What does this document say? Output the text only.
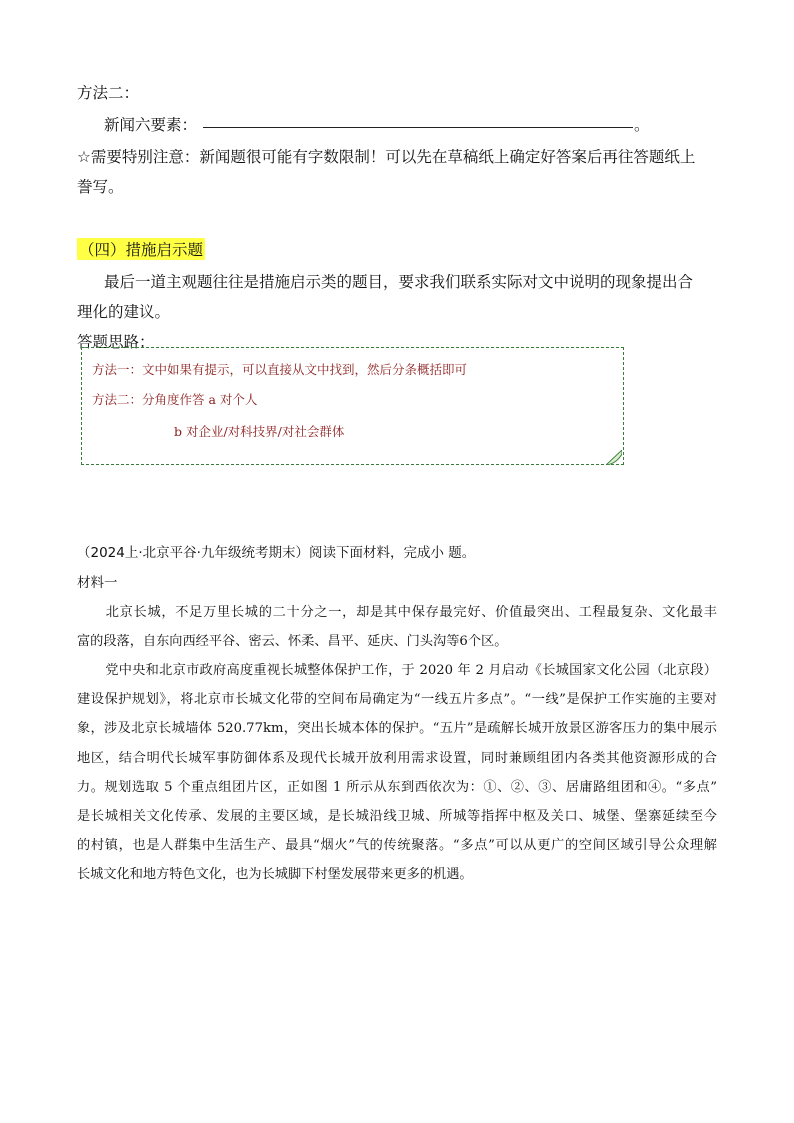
方法二：
新闻六要素：	。
☆需要特别注意：新闻题很可能有字数限制！可以先在草稿纸上确定好答案后再往答题纸上
誊写。
（四）措施启示题
最后一道主观题往往是措施启示类的题目，要求我们联系实际对文中说明的现象提出合
理化的建议。
答题思路：
方法一：文中如果有提示，可以直接从文中找到，然后分条概括即可
方法二：分角度作答 a 对个人
b 对企业/对科技界/对社会群体
（2024上·北京平谷·九年级统考期末）阅读下面材料，完成小 题。
材料一
北京长城，不足万里长城的二十分之一，却是其中保存最完好、价值最突出、工程最复杂、文化最丰
富的段落，自东向西经平谷、密云、怀柔、昌平、延庆、门头沟等6个区。
党中央和北京市政府高度重视长城整体保护工作，于 2020 年 2 月启动《长城国家文化公园（北京段）
建设保护规划》，将北京市长城文化带的空间布局确定为“一线五片多点”。“一线”是保护工作实施的主要对
象，涉及北京长城墙体 520.77km，突出长城本体的保护。“五片”是疏解长城开放景区游客压力的集中展示
地区，结合明代长城军事防御体系及现代长城开放利用需求设置，同时兼顾组团内各类其他资源形成的合
力。规划选取 5 个重点组团片区，正如图 1 所示从东到西依次为：①、②、③、居庸路组团和④。“多点”
是长城相关文化传承、发展的主要区域，是长城沿线卫城、所城等指挥中枢及关口、城堡、堡寨延续至今
的村镇，也是人群集中生活生产、最具“烟火”气的传统聚落。“多点”可以从更广的空间区域引导公众理解
长城文化和地方特色文化，也为长城脚下村堡发展带来更多的机遇。
